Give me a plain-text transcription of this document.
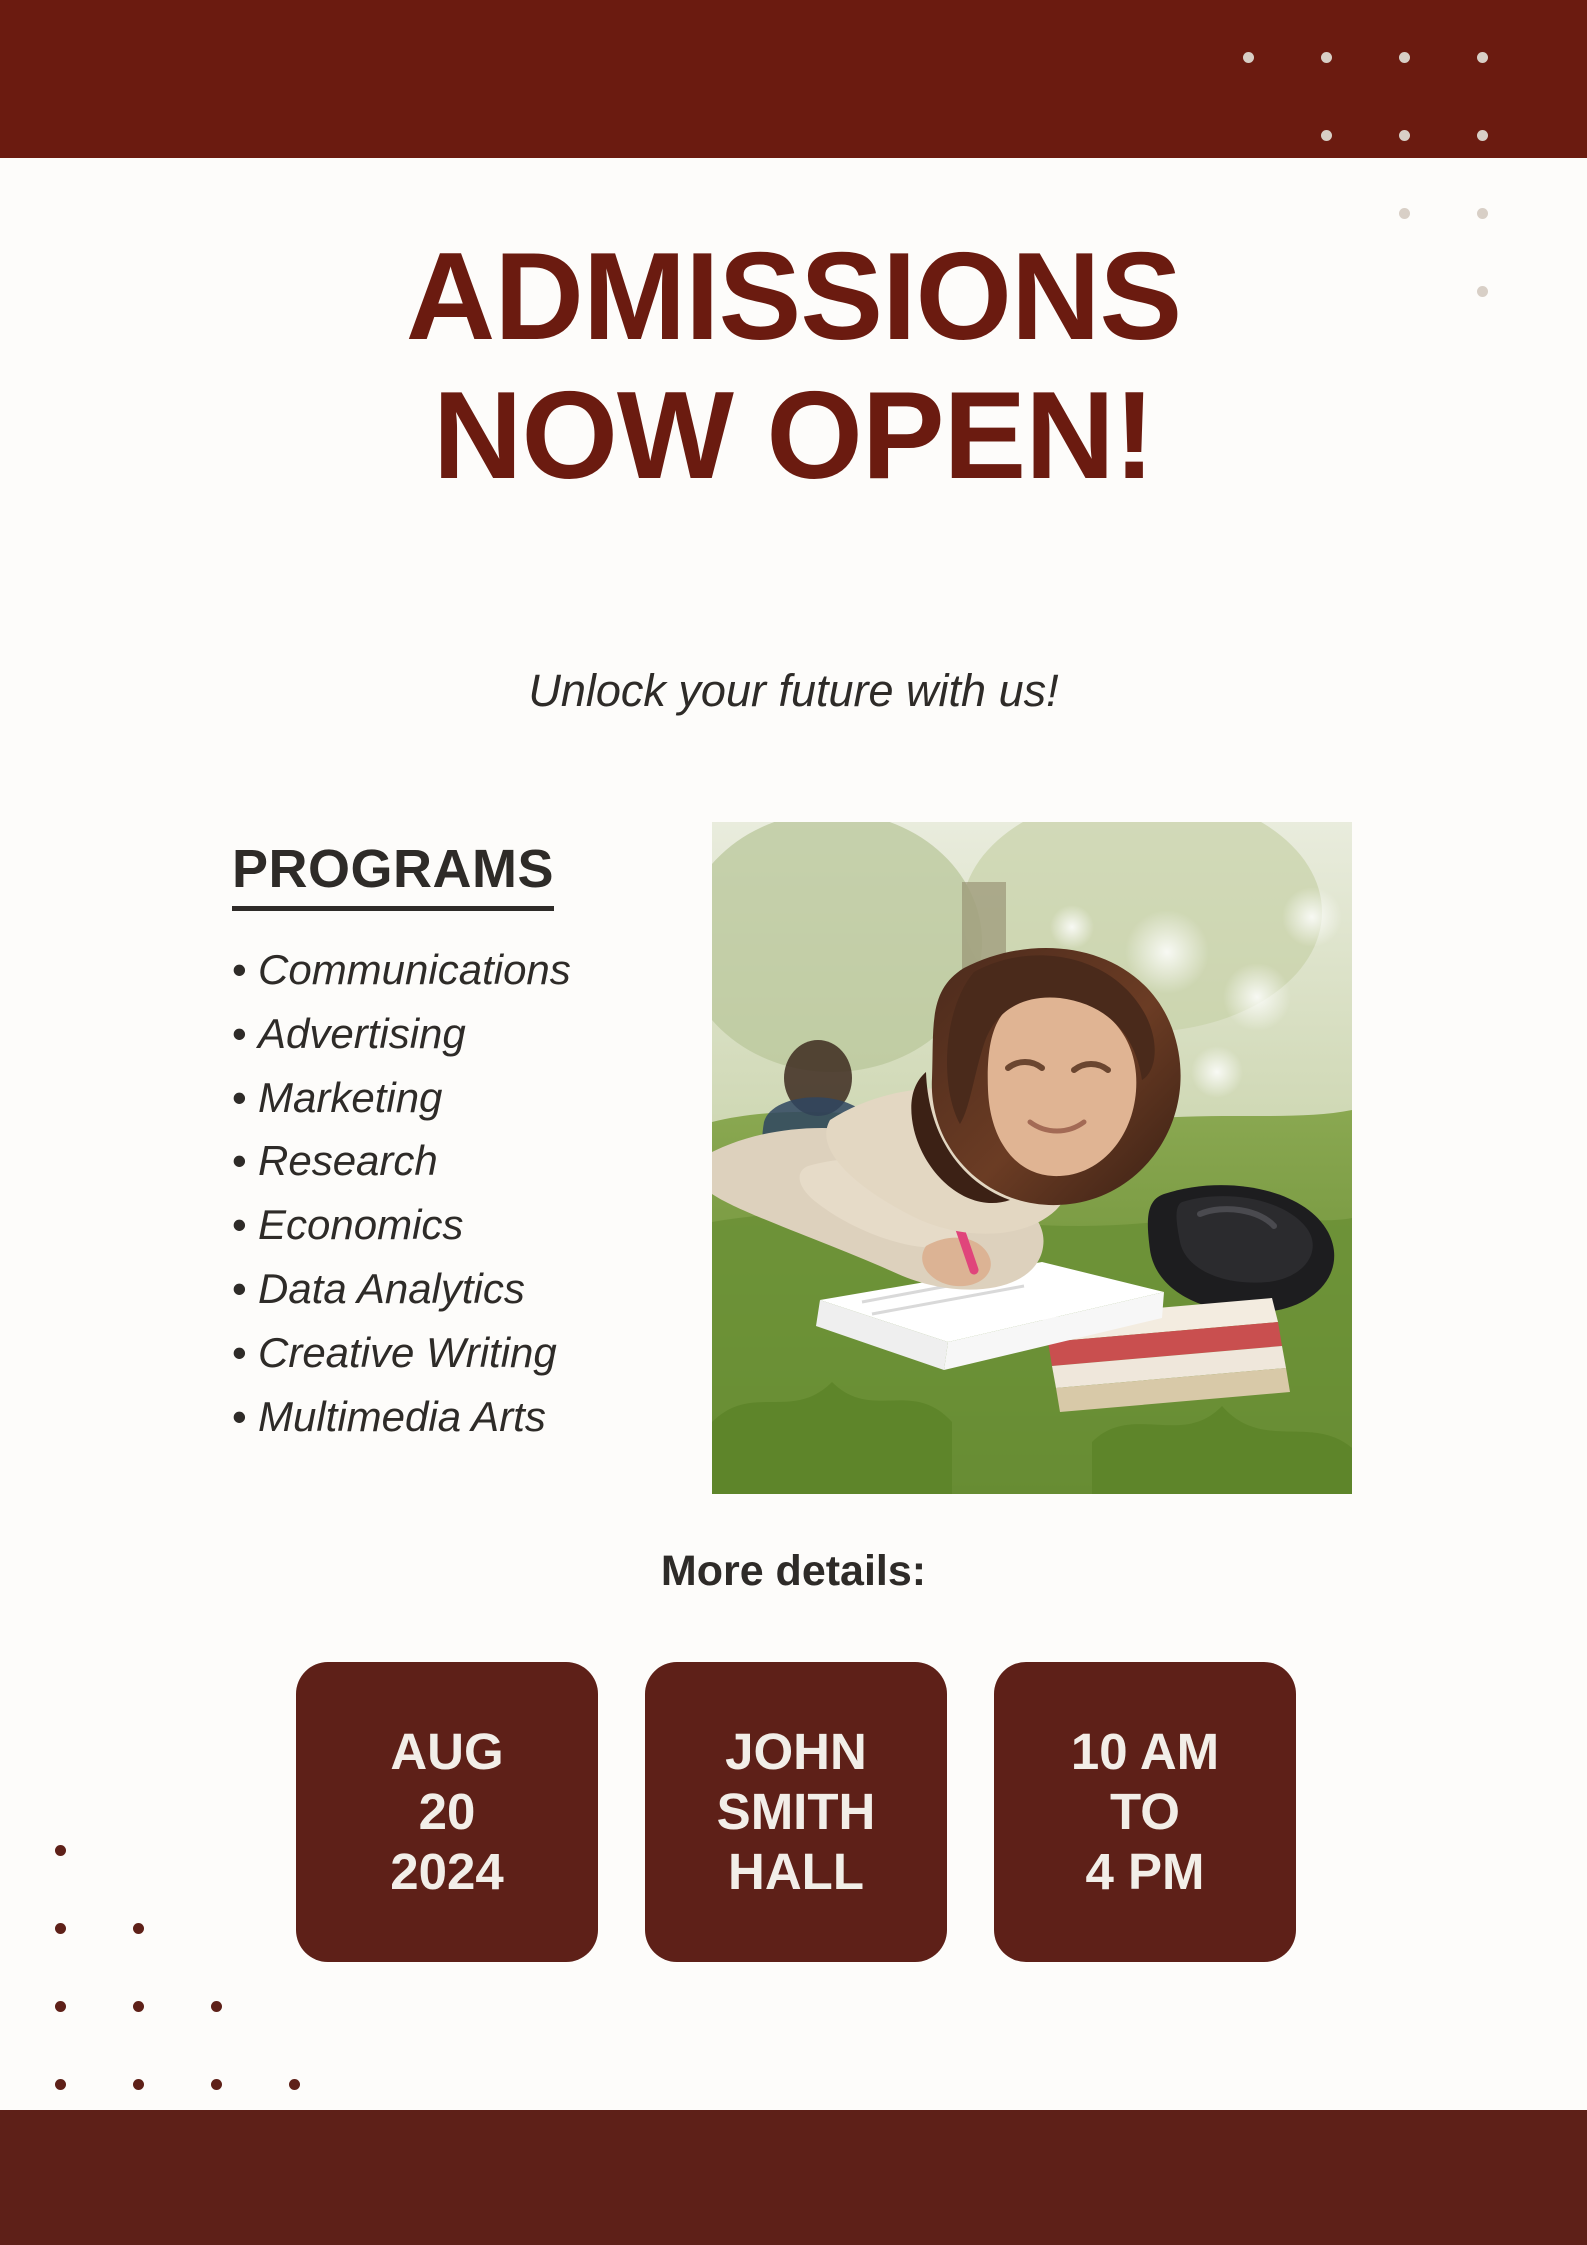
ADMISSIONS
NOW OPEN!
Unlock your future with us!
PROGRAMS
• Communications
• Advertising
• Marketing
• Research
• Economics
• Data Analytics
• Creative Writing
• Multimedia Arts
More details:
AUG
20
2024
JOHN
SMITH
HALL
10 AM
TO
4 PM
